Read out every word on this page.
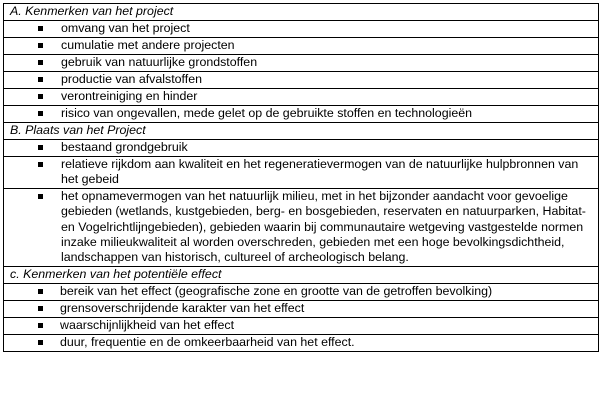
A. Kenmerken van het project

omvang van het project

cumulatie met andere projecten

gebruik van natuurlijke grondstoffen

productie van afvalstoffen

verontreiniging en hinder

risico van ongevallen, mede gelet op de gebruikte stoffen en technologieën

B. Plaats van het Project

bestaand grondgebruik

relatieve rijkdom aan kwaliteit en het regeneratievermogen van de natuurlijke hulpbronnen van het gebeid

het opnamevermogen van het natuurlijk milieu, met in het bijzonder aandacht voor gevoelige gebieden (wetlands, kustgebieden, berg- en bosgebieden, reservaten en natuurparken, Habitat- en Vogelrichtlijngebieden), gebieden waarin bij communautaire wetgeving vastgestelde normen inzake milieukwaliteit al worden overschreden, gebieden met een hoge bevolkingsdichtheid, landschappen van historisch, cultureel of archeologisch belang.

c. Kenmerken van het potentiële effect

bereik van het effect (geografische zone en grootte van de getroffen bevolking)

grensoverschrijdende karakter van het effect

waarschijnlijkheid van het effect

duur, frequentie en de omkeerbaarheid van het effect.
